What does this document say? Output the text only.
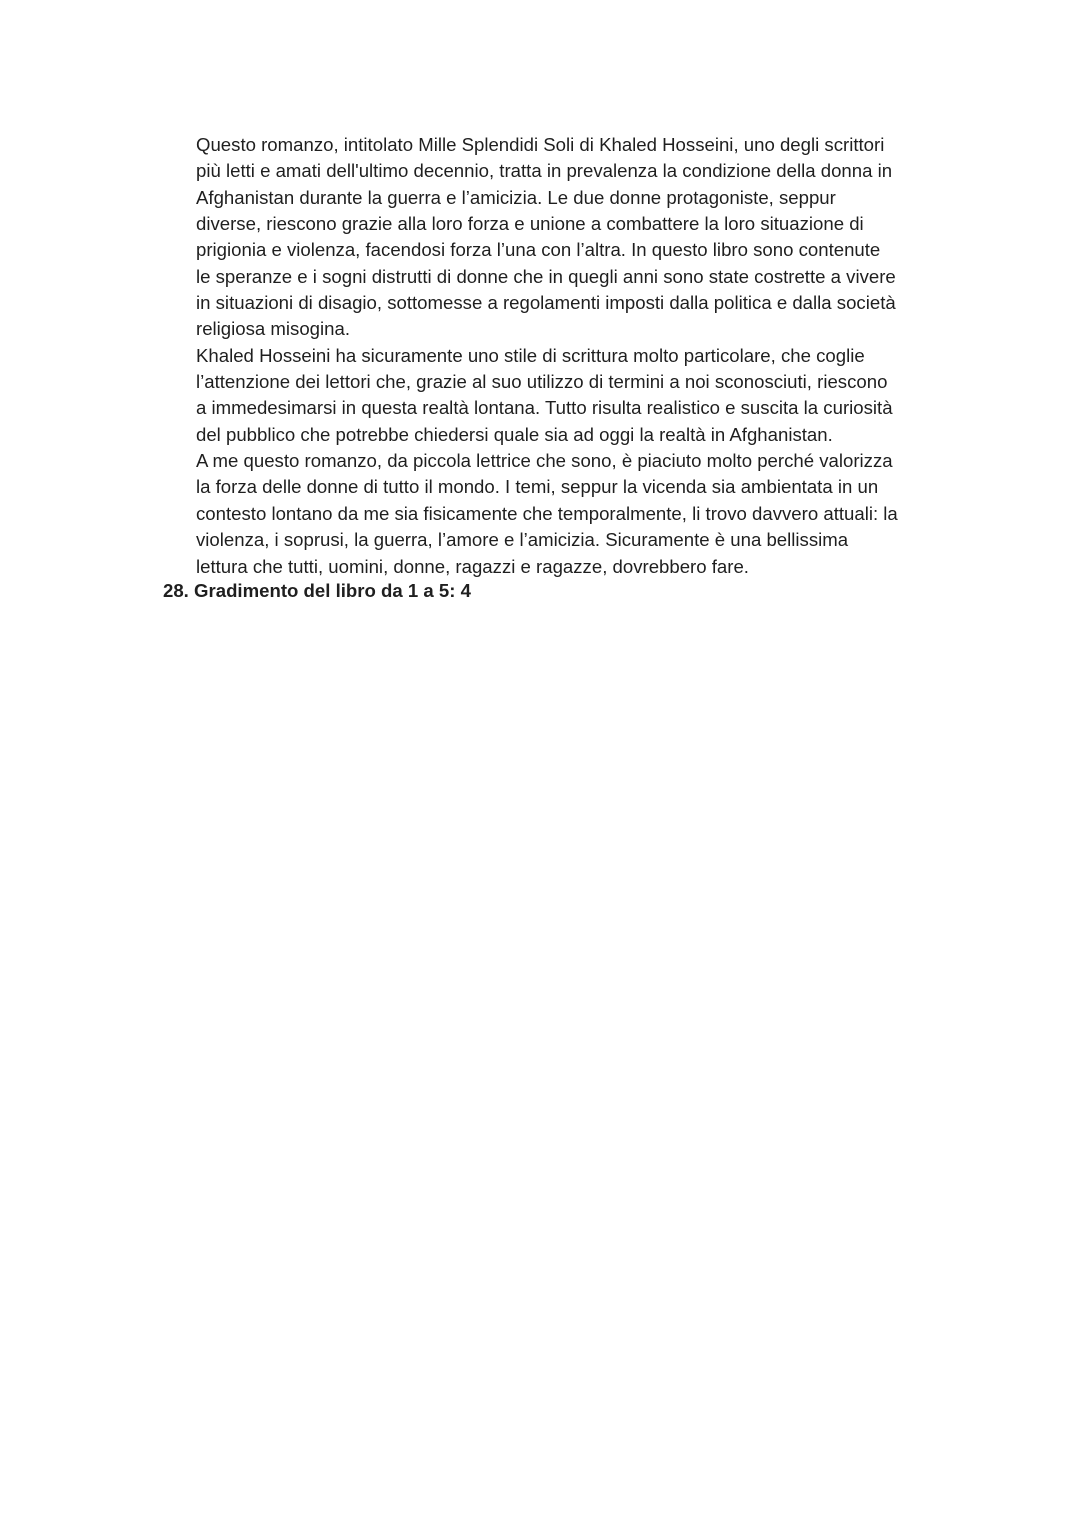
Questo romanzo, intitolato Mille Splendidi Soli di Khaled Hosseini, uno degli scrittori
più letti e amati dell'ultimo decennio, tratta in prevalenza la condizione della donna in
Afghanistan durante la guerra e l’amicizia. Le due donne protagoniste, seppur
diverse, riescono grazie alla loro forza e unione a combattere la loro situazione di
prigionia e violenza, facendosi forza l’una con l’altra. In questo libro sono contenute
le speranze e i sogni distrutti di donne che in quegli anni sono state costrette a vivere
in situazioni di disagio, sottomesse a regolamenti imposti dalla politica e dalla società
religiosa misogina.
Khaled Hosseini ha sicuramente uno stile di scrittura molto particolare, che coglie
l’attenzione dei lettori che, grazie al suo utilizzo di termini a noi sconosciuti, riescono
a immedesimarsi in questa realtà lontana. Tutto risulta realistico e suscita la curiosità
del pubblico che potrebbe chiedersi quale sia ad oggi la realtà in Afghanistan.
A me questo romanzo, da piccola lettrice che sono, è piaciuto molto perché valorizza
la forza delle donne di tutto il mondo. I temi, seppur la vicenda sia ambientata in un
contesto lontano da me sia fisicamente che temporalmente, li trovo davvero attuali: la
violenza, i soprusi, la guerra, l’amore e l’amicizia. Sicuramente è una bellissima
lettura che tutti, uomini, donne, ragazzi e ragazze, dovrebbero fare.

28. Gradimento del libro da 1 a 5: 4
